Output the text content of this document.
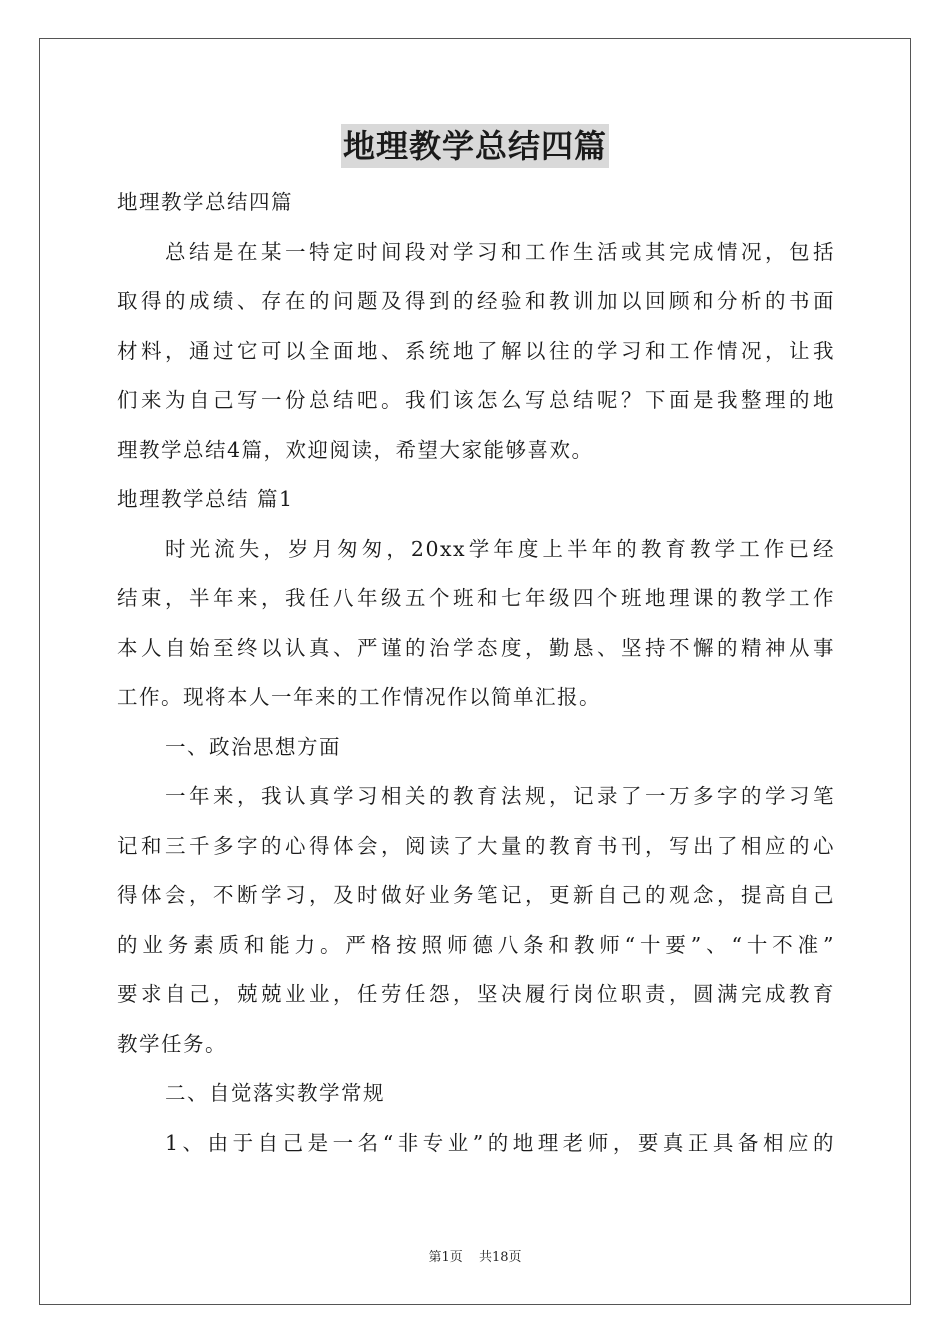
地理教学总结四篇
地理教学总结四篇
总结是在某一特定时间段对学习和工作生活或其完成情况，包括
取得的成绩、存在的问题及得到的经验和教训加以回顾和分析的书面
材料，通过它可以全面地、系统地了解以往的学习和工作情况，让我
们来为自己写一份总结吧。我们该怎么写总结呢？下面是我整理的地
理教学总结4篇，欢迎阅读，希望大家能够喜欢。
地理教学总结 篇1
时光流失，岁月匆匆，20xx学年度上半年的教育教学工作已经
结束，半年来，我任八年级五个班和七年级四个班地理课的教学工作
本人自始至终以认真、严谨的治学态度，勤恳、坚持不懈的精神从事
工作。现将本人一年来的工作情况作以简单汇报。
一、政治思想方面
一年来，我认真学习相关的教育法规，记录了一万多字的学习笔
记和三千多字的心得体会，阅读了大量的教育书刊，写出了相应的心
得体会，不断学习，及时做好业务笔记，更新自己的观念，提高自己
的业务素质和能力。严格按照师德八条和教师“十要”、“十不准”
要求自己，兢兢业业，任劳任怨，坚决履行岗位职责，圆满完成教育
教学任务。
二、自觉落实教学常规
1、由于自己是一名“非专业”的地理老师，要真正具备相应的
第1页 共18页
